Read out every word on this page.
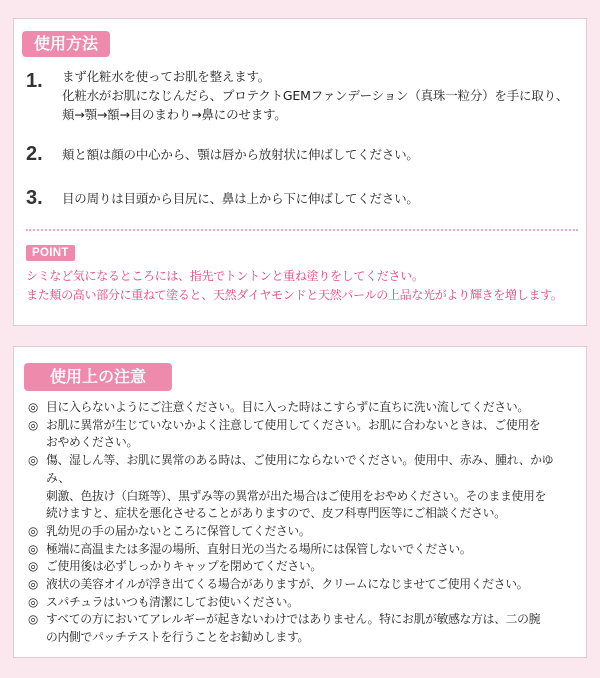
使用方法
1.	まず化粧水を使ってお肌を整えます。
化粧水がお肌になじんだら、プロテクトGEMファンデーション（真珠一粒分）を手に取り、
頬→顎→額→目のまわり→鼻にのせます。
2.	頬と額は顔の中心から、顎は唇から放射状に伸ばしてください。
3.	目の周りは目頭から目尻に、鼻は上から下に伸ばしてください。
POINT
シミなど気になるところには、指先でトントンと重ね塗りをしてください。
また頬の高い部分に重ねて塗ると、天然ダイヤモンドと天然パールの上品な光がより輝きを増します。
使用上の注意
◎ 目に入らないようにご注意ください。目に入った時はこすらずに直ちに洗い流してください。
◎ お肌に異常が生じていないかよく注意して使用してください。お肌に合わないときは、ご使用を
おやめください。
◎ 傷、湿しん等、お肌に異常のある時は、ご使用にならないでください。使用中、赤み、腫れ、かゆみ、
刺激、色抜け（白斑等）、黒ずみ等の異常が出た場合はご使用をおやめください。そのまま使用を
続けますと、症状を悪化させることがありますので、皮フ科専門医等にご相談ください。
◎ 乳幼児の手の届かないところに保管してください。
◎ 極端に高温または多湿の場所、直射日光の当たる場所には保管しないでください。
◎ ご使用後は必ずしっかりキャップを閉めてください。
◎ 液状の美容オイルが浮き出てくる場合がありますが、クリームになじませてご使用ください。
◎ スパチュラはいつも清潔にしてお使いください。
◎ すべての方においてアレルギーが起きないわけではありません。特にお肌が敏感な方は、二の腕
の内側でパッチテストを行うことをお勧めします。
